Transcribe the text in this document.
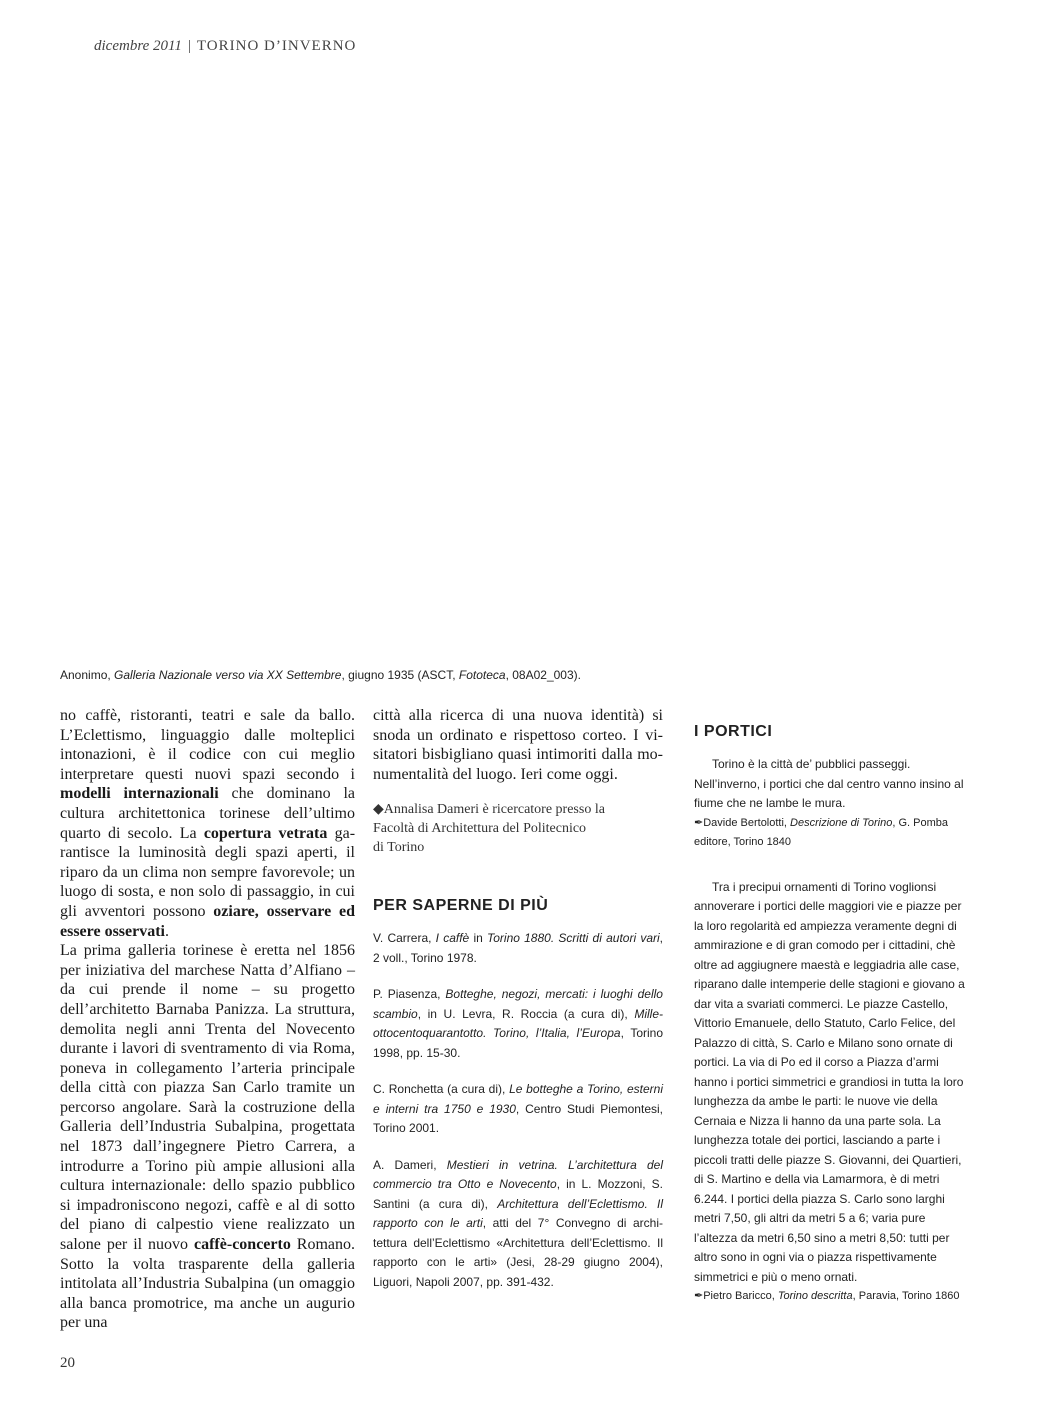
dicembre 2011 | TORINO D’INVERNO
Anonimo, Galleria Nazionale verso via XX Settembre, giugno 1935 (ASCT, Fototeca, 08A02_003).

no caffè, ristoranti, teatri e sale da ballo. L’Eclettismo, linguaggio dalle molteplici intonazioni, è il codice con cui meglio interpretare questi nuovi spazi secondo i modelli internazionali che dominano la cultura architettonica torinese dell’ultimo quarto di secolo. La copertura vetrata garantisce la luminosità degli spazi aperti, il riparo da un clima non sempre favorevole; un luogo di sosta, e non solo di passaggio, in cui gli avventori possono oziare, osservare ed essere osservati.

La prima galleria torinese è eretta nel 1856 per iniziativa del marchese Natta d’Alfiano – da cui prende il nome – su progetto dell’architetto Barnaba Panizza. La struttura, demolita negli anni Trenta del Novecento durante i lavori di sventramento di via Roma, poneva in collegamento l’arteria principale della città con piazza San Carlo tramite un percorso angolare. Sarà la costruzione della Galleria dell’Industria Subalpina, progettata nel 1873 dall’ingegnere Pietro Carrera, a introdurre a Torino più ampie allusioni alla cultura internazionale: dello spazio pubblico si impadroniscono negozi, caffè e al di sotto del piano di calpestio viene realizzato un salone per il nuovo caffè-concerto Romano. Sotto la volta trasparente della galleria intitolata all’Industria Subalpina (un omaggio alla banca promotrice, ma anche un augurio per una

città alla ricerca di una nuova identità) si snoda un ordinato e rispettoso corteo. I visitatori bisbigliano quasi intimoriti dalla monumentalità del luogo. Ieri come oggi.

◆Annalisa Dameri è ricercatore presso la
Facoltà di Architettura del Politecnico
di Torino
PER SAPERNE DI PIÙ

V. Carrera, I caffè in Torino 1880. Scritti di autori vari, 2 voll., Torino 1978.

P. Piasenza, Botteghe, negozi, mercati: i luoghi dello scambio, in U. Levra, R. Roccia (a cura di), Milleottocentoquarantotto. Torino, l’Italia, l’Europa, Torino 1998, pp. 15-30.

C. Ronchetta (a cura di), Le botteghe a Torino, esterni e interni tra 1750 e 1930, Centro Studi Piemontesi, Torino 2001.

A. Dameri, Mestieri in vetrina. L’architettura del commercio tra Otto e Novecento, in L. Mozzoni, S. Santini (a cura di), Architettura dell’Eclettismo. Il rapporto con le arti, atti del 7° Convegno di architettura dell’Eclettismo «Architettura dell’Eclettismo. Il rapporto con le arti» (Jesi, 28-29 giugno 2004), Liguori, Napoli 2007, pp. 391-432.

I PORTICI

Torino è la città de’ pubblici passeggi. Nell’inverno, i portici che dal centro vanno insino al fiume che ne lambe le mura.

✒Davide Bertolotti, Descrizione di Torino, G. Pomba editore, Torino 1840

Tra i precipui ornamenti di Torino voglionsi annoverare i portici delle maggiori vie e piazze per la loro regolarità ed ampiezza veramente degni di ammirazione e di gran comodo per i cittadini, chè oltre ad aggiugnere maestà e leggiadria alle case, riparano dalle intemperie delle stagioni e giovano a dar vita a svariati commerci. Le piazze Castello, Vittorio Emanuele, dello Statuto, Carlo Felice, del Palazzo di città, S. Carlo e Milano sono ornate di portici. La via di Po ed il corso a Piazza d’armi hanno i portici simmetrici e grandiosi in tutta la loro lunghezza da ambe le parti: le nuove vie della Cernaia e Nizza li hanno da una parte sola. La lunghezza totale dei portici, lasciando a parte i piccoli tratti delle piazze S. Giovanni, dei Quartieri, di S. Martino e della via Lamarmora, è di metri 6.244. I portici della piazza S. Carlo sono larghi metri 7,50, gli altri da metri 5 a 6; varia pure l’altezza da metri 6,50 sino a metri 8,50: tutti per altro sono in ogni via o piazza rispettivamente simmetrici e più o meno ornati.

✒Pietro Baricco, Torino descritta, Paravia, Torino 1860

20
